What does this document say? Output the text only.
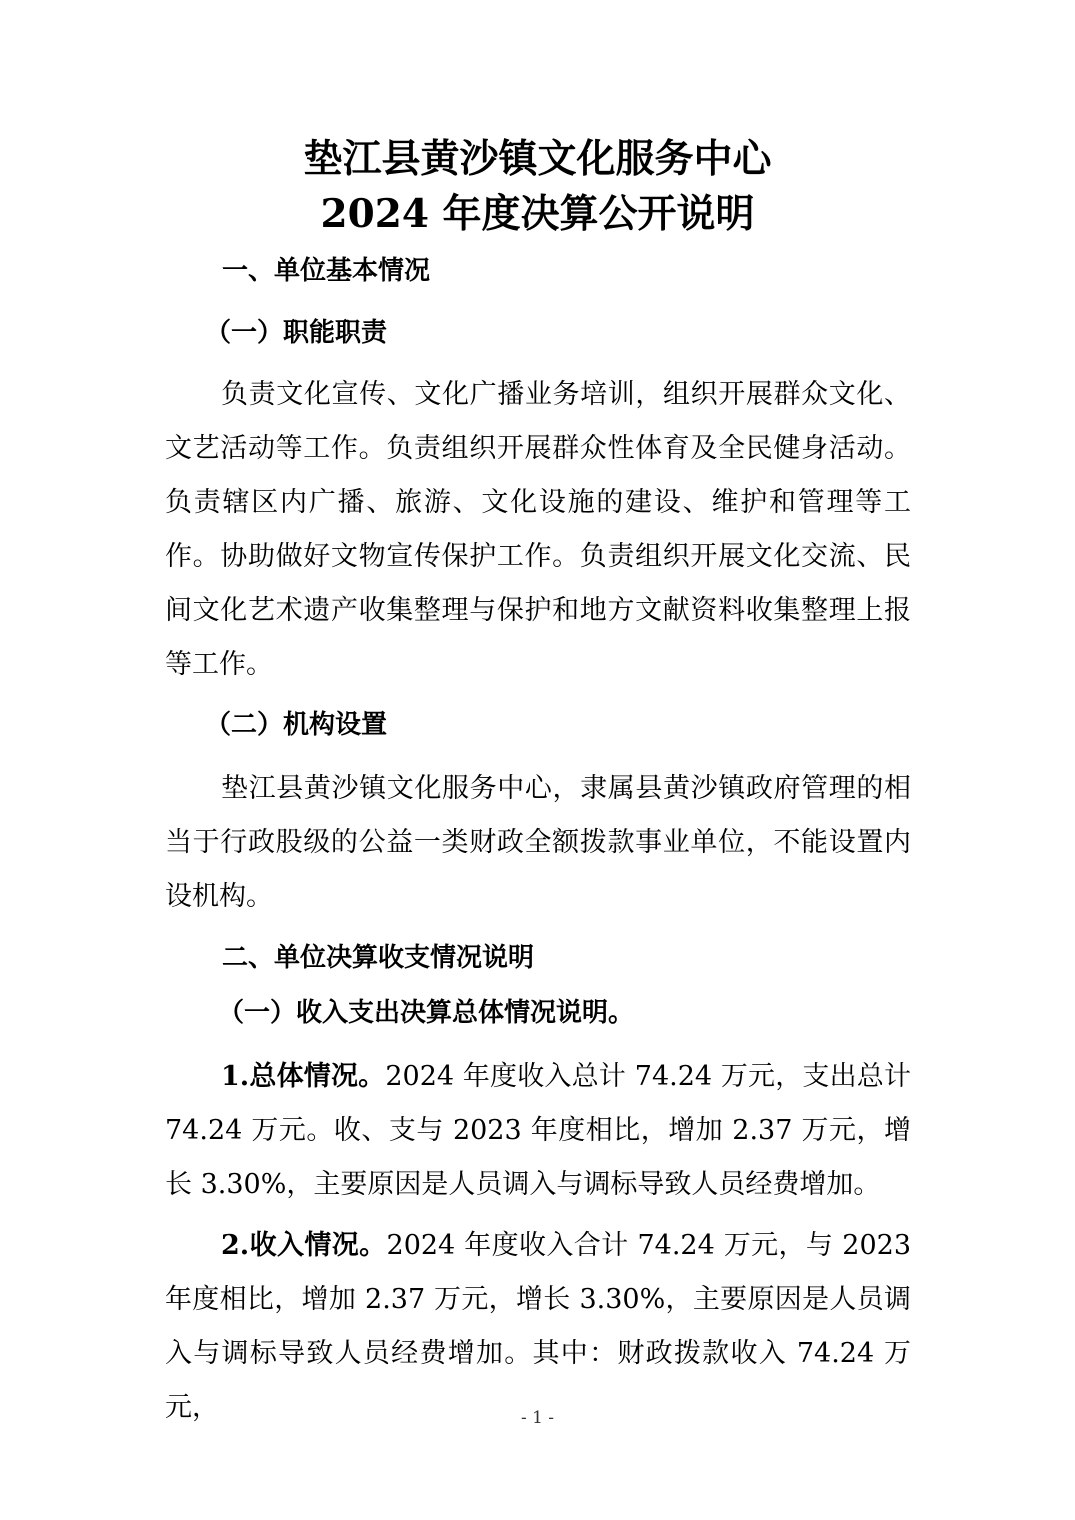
垫江县黄沙镇文化服务中心
2024 年度决算公开说明
一、单位基本情况
（一）职能职责
负责文化宣传、文化广播业务培训，组织开展群众文化、文艺活动等工作。负责组织开展群众性体育及全民健身活动。负责辖区内广播、旅游、文化设施的建设、维护和管理等工作。协助做好文物宣传保护工作。负责组织开展文化交流、民间文化艺术遗产收集整理与保护和地方文献资料收集整理上报等工作。
（二）机构设置
垫江县黄沙镇文化服务中心，隶属县黄沙镇政府管理的相当于行政股级的公益一类财政全额拨款事业单位，不能设置内设机构。
二、单位决算收支情况说明
（一）收入支出决算总体情况说明。
1.总体情况。2024 年度收入总计 74.24 万元，支出总计 74.24 万元。收、支与 2023 年度相比，增加 2.37 万元，增长 3.30%，主要原因是人员调入与调标导致人员经费增加。
2.收入情况。2024 年度收入合计 74.24 万元，与 2023 年度相比，增加 2.37 万元，增长 3.30%，主要原因是人员调入与调标导致人员经费增加。其中：财政拨款收入 74.24 万元，	- 1 -
